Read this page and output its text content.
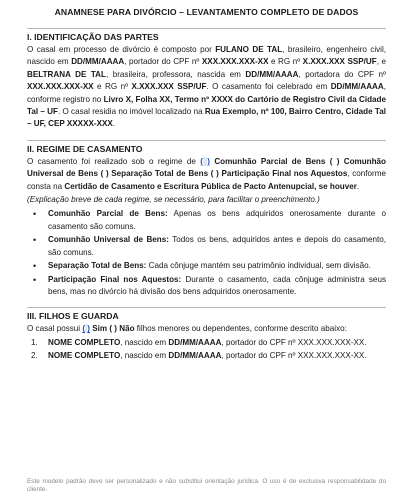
ANAMNESE PARA DIVÓRCIO – LEVANTAMENTO COMPLETO DE DADOS
I. IDENTIFICAÇÃO DAS PARTES

O casal em processo de divórcio é composto por FULANO DE TAL, brasileiro, engenheiro civil, nascido em DD/MM/AAAA, portador do CPF nº XXX.XXX.XXX-XX e RG nº X.XXX.XXX SSP/UF, e BELTRANA DE TAL, brasileira, professora, nascida em DD/MM/AAAA, portadora do CPF nº XXX.XXX.XXX-XX e RG nº X.XXX.XXX SSP/UF. O casamento foi celebrado em DD/MM/AAAA, conforme registro no Livro X, Folha XX, Termo nº XXXX do Cartório de Registro Civil da Cidade Tal – UF. O casal residia no imóvel localizado na Rua Exemplo, nº 100, Bairro Centro, Cidade Tal – UF, CEP XXXXX-XXX.

II. REGIME DE CASAMENTO

O casamento foi realizado sob o regime de ( ) Comunhão Parcial de Bens ( ) Comunhão Universal de Bens ( ) Separação Total de Bens ( ) Participação Final nos Aquestos, conforme consta na Certidão de Casamento e Escritura Pública de Pacto Antenupcial, se houver.

(Explicação breve de cada regime, se necessário, para facilitar o preenchimento.)

• Comunhão Parcial de Bens: Apenas os bens adquiridos onerosamente durante o casamento são comuns.
• Comunhão Universal de Bens: Todos os bens, adquiridos antes e depois do casamento, são comuns.
• Separação Total de Bens: Cada cônjuge mantém seu patrimônio individual, sem divisão.
• Participação Final nos Aquestos: Durante o casamento, cada cônjuge administra seus bens, mas no divórcio há divisão dos bens adquiridos onerosamente.
III. FILHOS E GUARDA

O casal possui ( ) Sim ( ) Não filhos menores ou dependentes, conforme descrito abaixo:

1. NOME COMPLETO, nascido em DD/MM/AAAA, portador do CPF nº XXX.XXX.XXX-XX.
2. NOME COMPLETO, nascido em DD/MM/AAAA, portador do CPF nº XXX.XXX.XXX-XX.
Este modelo padrão deve ser personalizado e não substitui orientação jurídica. O uso é de exclusiva responsabilidade do cliente.
